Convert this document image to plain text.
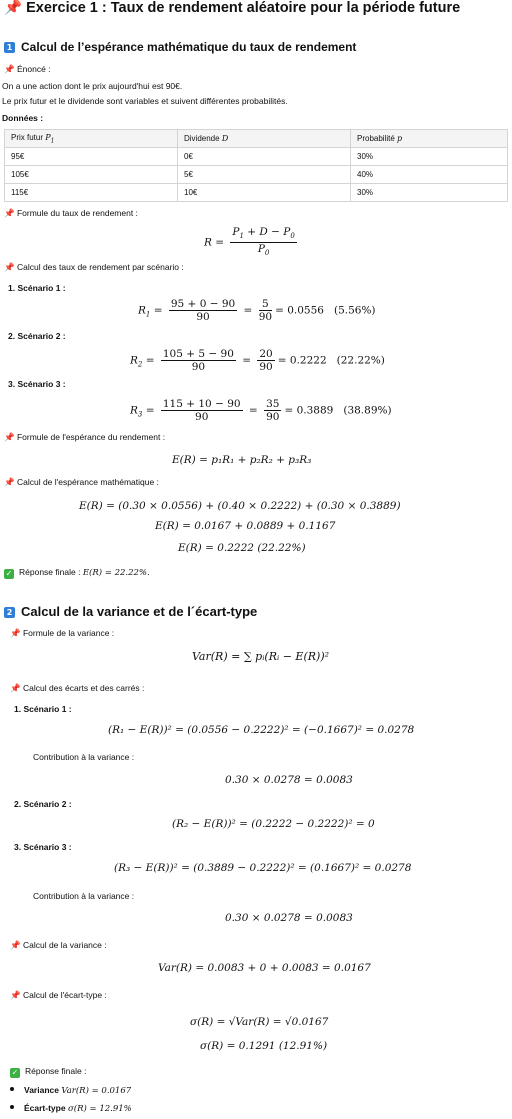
📌 Exercice 1 : Taux de rendement aléatoire pour la période future
1 Calcul de l’espérance mathématique du taux de rendement
📌 Énoncé :
On a une action dont le prix aujourd'hui est 90€.
Le prix futur et le dividende sont variables et suivent différentes probabilités.
Données :
Prix futur $P_1$	Dividende D	Probabilité p
95€	0€	30%
105€	5€	40%
115€	10€	30%
📌 Formule du taux de rendement :
$R = \frac{P_1 + D - P_0}{P_0}$
📌 Calcul des taux de rendement par scénario :
1. Scénario 1 :
$R_1 = \frac{95 + 0 - 90}{90} = \frac{5}{90} = 0.0556$ (5.56%)
2. Scénario 2 :
$R_2 = \frac{105 + 5 - 90}{90} = \frac{20}{90} = 0.2222$ (22.22%)
3. Scénario 3 :
$R_3 = \frac{115 + 10 - 90}{90} = \frac{35}{90} = 0.3889$ (38.89%)
📌 Formule de l'espérance du rendement :
E(R) = p₁R₁ + p₂R₂ + p₃R₃
📌 Calcul de l'espérance mathématique :
E(R) = (0.30 × 0.0556) + (0.40 × 0.2222) + (0.30 × 0.3889)
E(R) = 0.0167 + 0.0889 + 0.1167
E(R) = 0.2222 (22.22%)
✓ Réponse finale : E(R) = 22.22%.
2 Calcul de la variance et de l´écart-type
📌 Formule de la variance :
Var(R) = ∑ pᵢ(Rᵢ − E(R))²
📌 Calcul des écarts et des carrés :
1. Scénario 1 :
(R₁ − E(R))² = (0.0556 − 0.2222)² = (−0.1667)² = 0.0278
Contribution à la variance :
0.30 × 0.0278 = 0.0083
2. Scénario 2 :
(R₂ − E(R))² = (0.2222 − 0.2222)² = 0
3. Scénario 3 :
(R₃ − E(R))² = (0.3889 − 0.2222)² = (0.1667)² = 0.0278
Contribution à la variance :
0.30 × 0.0278 = 0.0083
📌 Calcul de la variance :
Var(R) = 0.0083 + 0 + 0.0083 = 0.0167
📌 Calcul de l'écart-type :
σ(R) = √Var(R) = √0.0167
σ(R) = 0.1291 (12.91%)
✓ Réponse finale :
Variance Var(R) = 0.0167
Écart-type σ(R) = 12.91%
